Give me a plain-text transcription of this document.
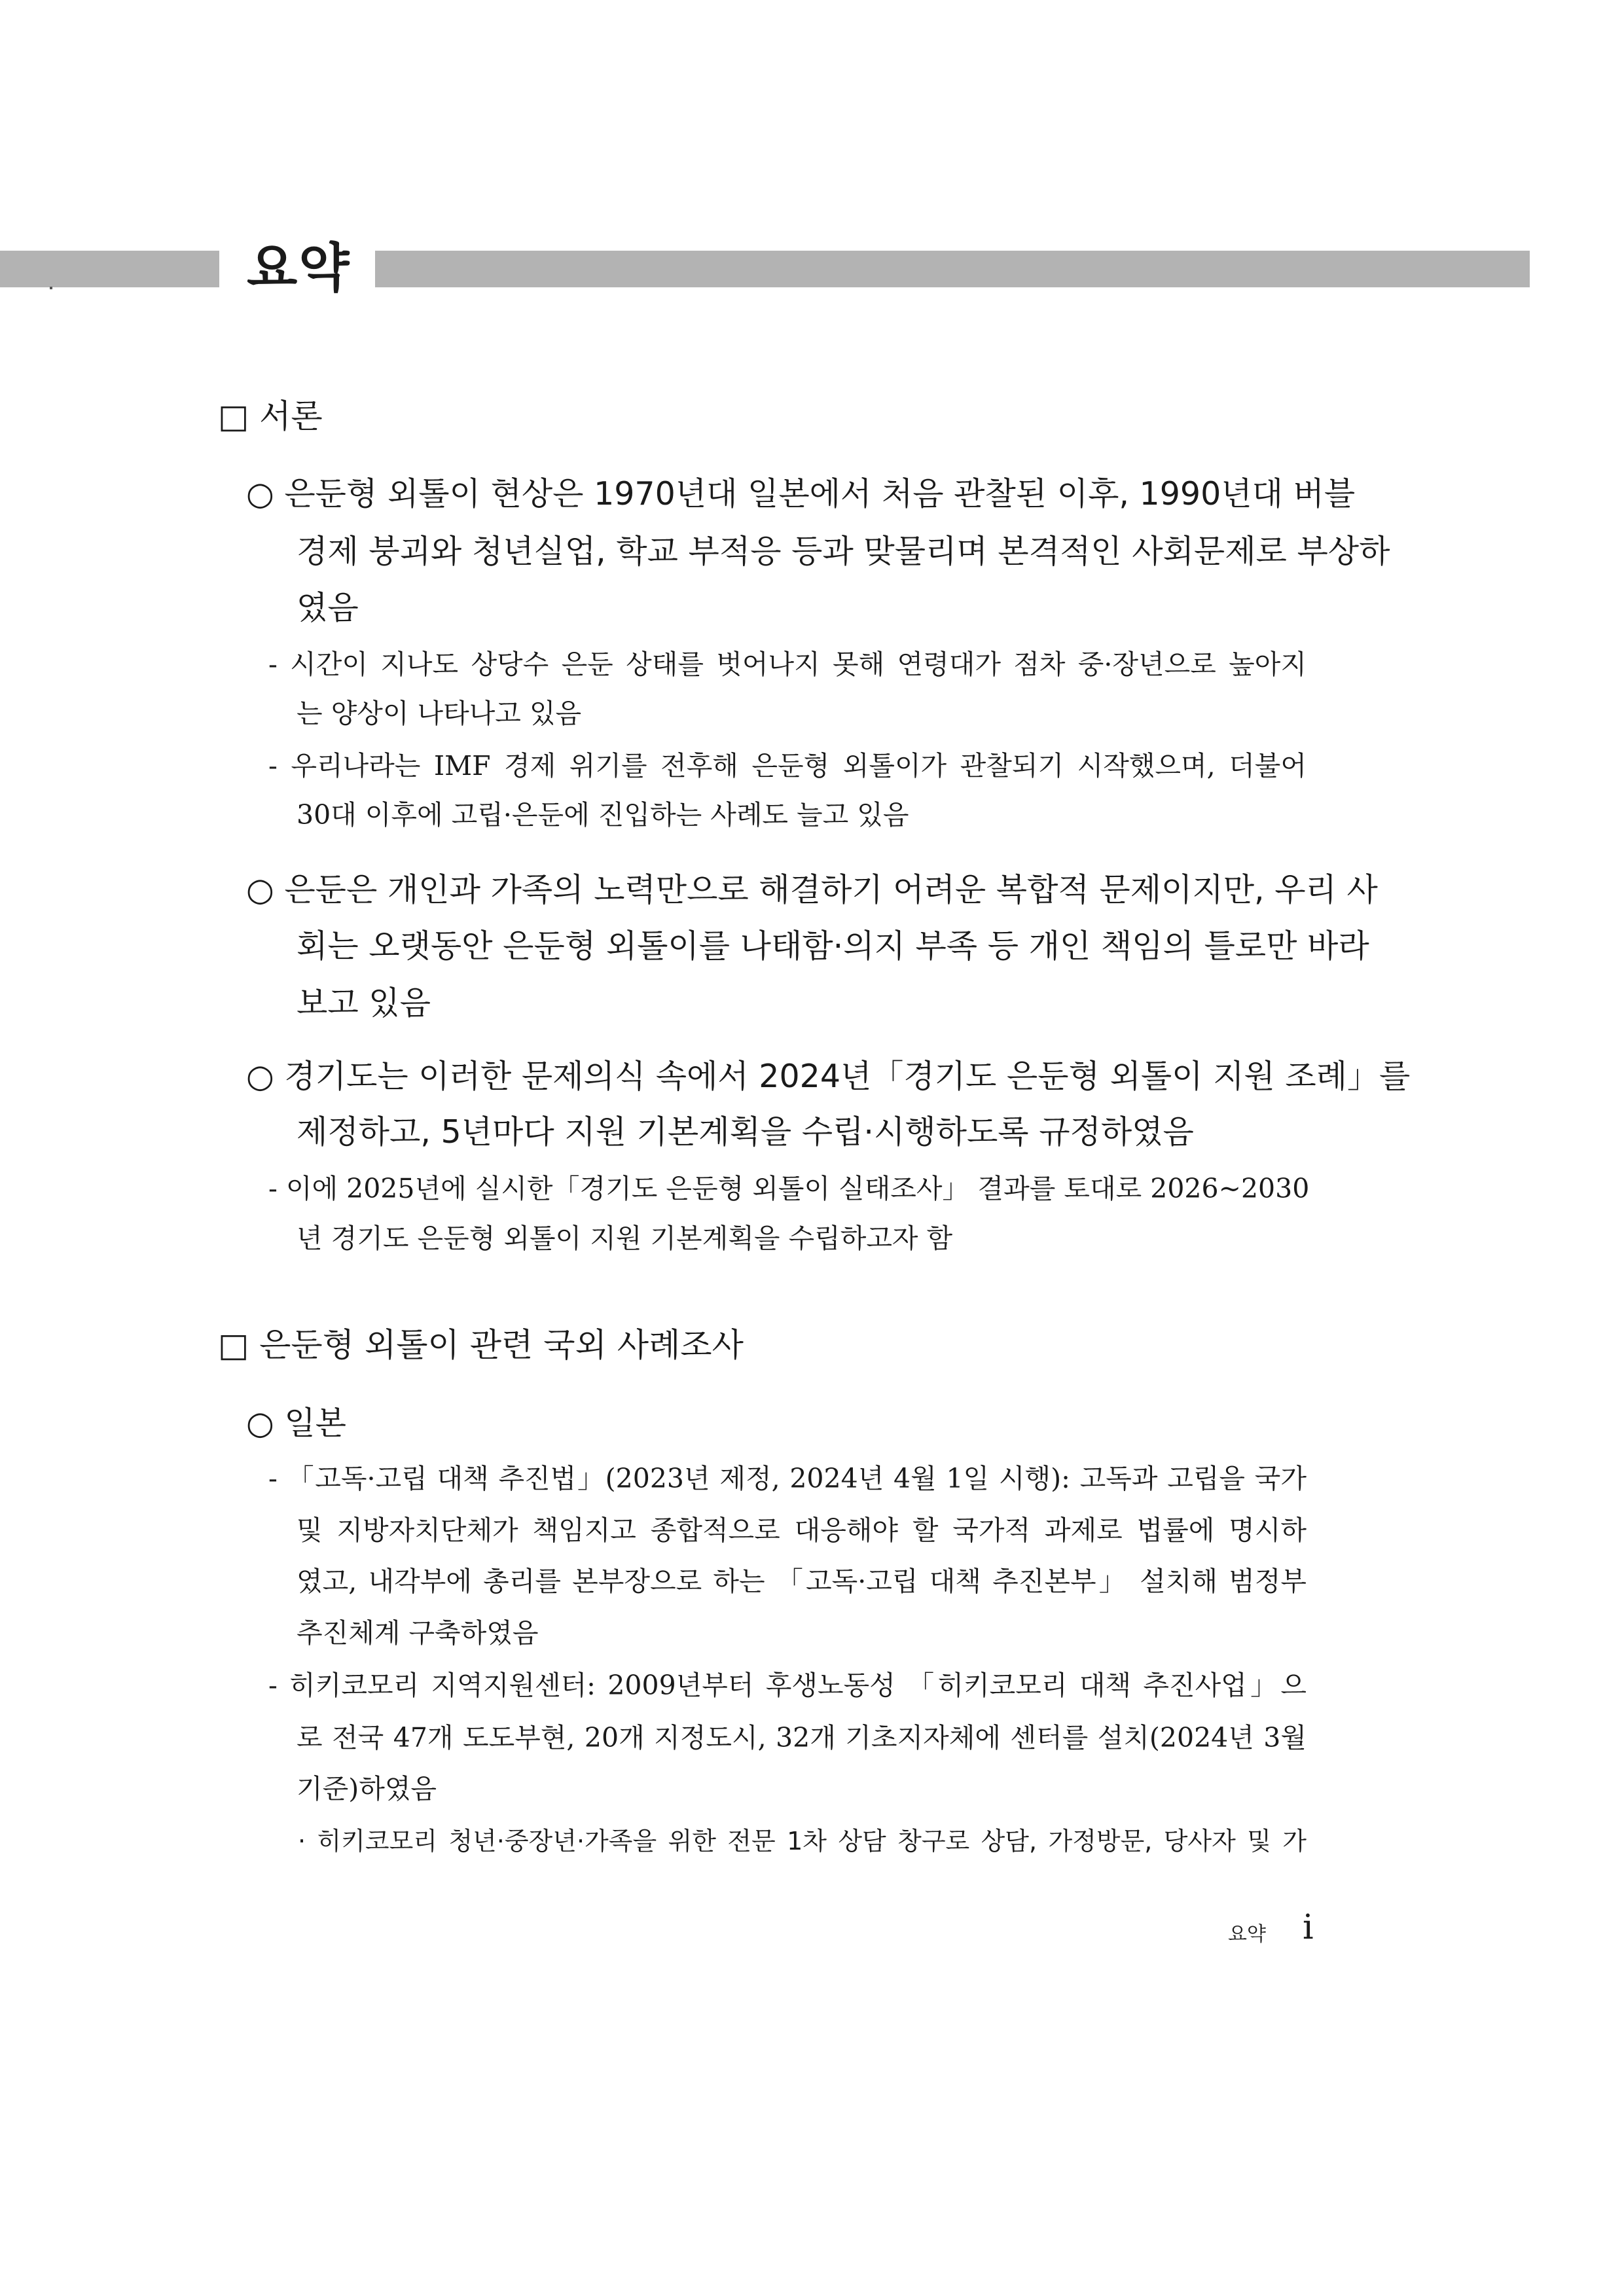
요약
□ 서론
○ 은둔형 외톨이 현상은 1970년대 일본에서 처음 관찰된 이후, 1990년대 버블
경제 붕괴와 청년실업, 학교 부적응 등과 맞물리며 본격적인 사회문제로 부상하
였음
- 시간이 지나도 상당수 은둔 상태를 벗어나지 못해 연령대가 점차 중·장년으로 높아지
는 양상이 나타나고 있음
- 우리나라는 IMF 경제 위기를 전후해 은둔형 외톨이가 관찰되기 시작했으며, 더불어
30대 이후에 고립·은둔에 진입하는 사례도 늘고 있음
○ 은둔은 개인과 가족의 노력만으로 해결하기 어려운 복합적 문제이지만, 우리 사
회는 오랫동안 은둔형 외톨이를 나태함·의지 부족 등 개인 책임의 틀로만 바라
보고 있음
○ 경기도는 이러한 문제의식 속에서 2024년「경기도 은둔형 외톨이 지원 조례」를
제정하고, 5년마다 지원 기본계획을 수립·시행하도록 규정하였음
- 이에 2025년에 실시한「경기도 은둔형 외톨이 실태조사」 결과를 토대로 2026~2030
년 경기도 은둔형 외톨이 지원 기본계획을 수립하고자 함
□ 은둔형 외톨이 관련 국외 사례조사
○ 일본
- 「고독·고립 대책 추진법」(2023년 제정, 2024년 4월 1일 시행): 고독과 고립을 국가
및 지방자치단체가 책임지고 종합적으로 대응해야 할 국가적 과제로 법률에 명시하
였고, 내각부에 총리를 본부장으로 하는 「고독·고립 대책 추진본부」 설치해 범정부
추진체계 구축하였음
- 히키코모리 지역지원센터: 2009년부터 후생노동성 「히키코모리 대책 추진사업」으
로 전국 47개 도도부현, 20개 지정도시, 32개 기초지자체에 센터를 설치(2024년 3월
기준)하였음
· 히키코모리 청년·중장년·가족을 위한 전문 1차 상담 창구로 상담, 가정방문, 당사자 및 가
요약 i
